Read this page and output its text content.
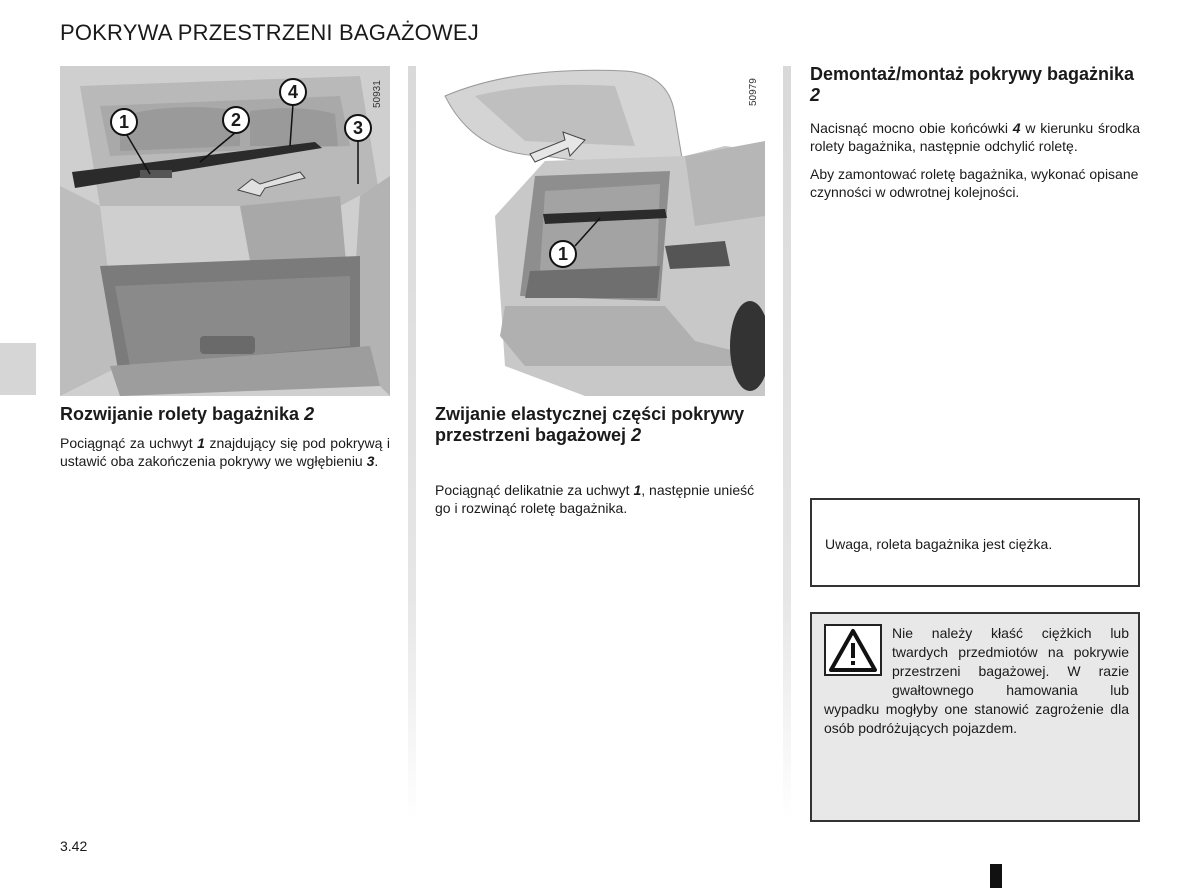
POKRYWA PRZESTRZENI BAGAŻOWEJ
1	2
4
3
50931
1
50979
Rozwijanie rolety bagażnika 2
Pociągnąć za uchwyt 1 znajdujący się pod pokrywą i ustawić oba zakończenia pokrywy we wgłębieniu 3.
Zwijanie elastycznej części pokrywy przestrzeni bagażowej 2
Pociągnąć delikatnie za uchwyt 1, następnie unieść go i rozwinąć roletę bagażnika.
Demontaż/montaż pokrywy bagażnika 2

Nacisnąć mocno obie końcówki 4 w kierunku środka rolety bagażnika, następnie odchylić roletę.

Aby zamontować roletę bagażnika, wykonać opisane czynności w odwrotnej kolejności.

Uwaga, roleta bagażnika jest ciężka.
Nie należy kłaść ciężkich lub twardych przedmiotów na pokrywie przestrzeni bagażowej. W razie gwałtownego hamowania lub wypadku mogłyby one stanowić zagrożenie dla osób podróżujących pojazdem.
3.42
